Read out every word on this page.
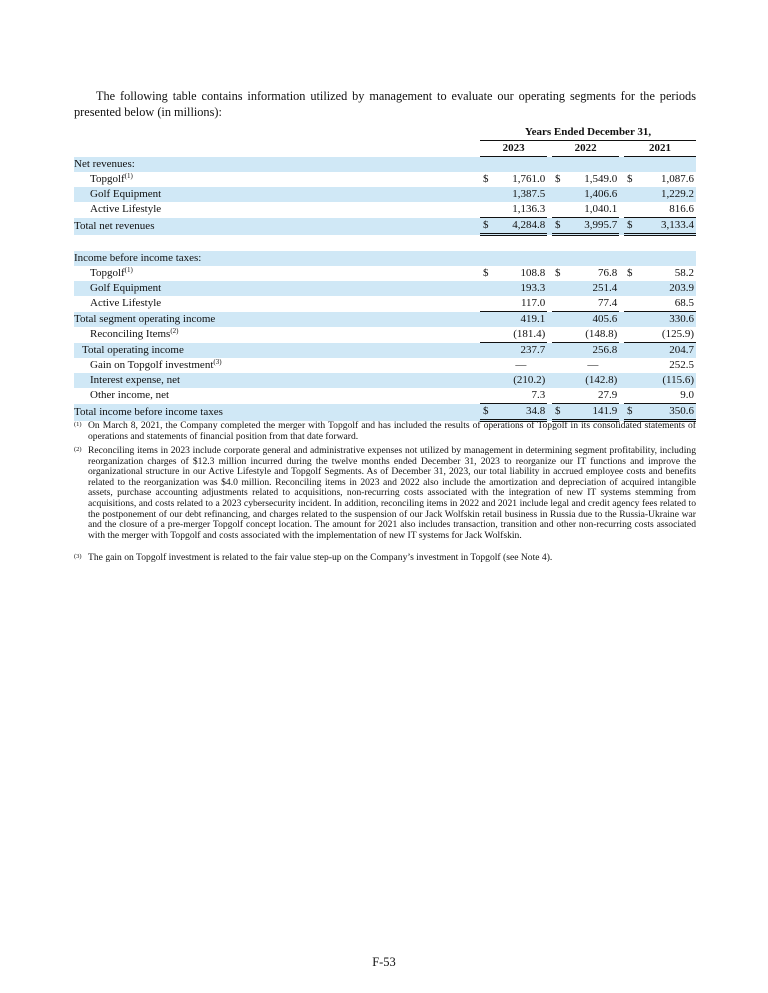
The following table contains information utilized by management to evaluate our operating segments for the periods presented below (in millions):
		Years Ended December 31,							
		2023			2022			2021	
Net revenues:									
Topgolf$^{(1)}$		$	1,761.0		$	1,549.0		$	1,087.6
Golf Equipment			1,387.5			1,406.6			1,229.2
Active Lifestyle			1,136.3			1,040.1			816.6
Total net revenues		$	4,284.8		$	3,995.7		$	3,133.4

Income before income taxes:									
Topgolf$^{(1)}$		$	108.8		$	76.8		$	58.2
Golf Equipment			193.3			251.4			203.9
Active Lifestyle			117.0			77.4			68.5
Total segment operating income			419.1			405.6			330.6
Reconciling Items$^{(2)}$			(181.4)			(148.8)			(125.9)
Total operating income			237.7			256.8			204.7
Gain on Topgolf investment$^{(3)}$			—			—			252.5
Interest expense, net			(210.2)			(142.8)			(115.6)
Other income, net			7.3			27.9			9.0
Total income before income taxes		$	34.8		$	141.9		$	350.6
(1) On March 8, 2021, the Company completed the merger with Topgolf and has included the results of operations of Topgolf in its consolidated statements of operations and statements of financial position from that date forward.
(2) Reconciling items in 2023 include corporate general and administrative expenses not utilized by management in determining segment profitability, including reorganization charges of $12.3 million incurred during the twelve months ended December 31, 2023 to reorganize our IT functions and improve the organizational structure in our Active Lifestyle and Topgolf Segments. As of December 31, 2023, our total liability in accrued employee costs and benefits related to the reorganization was $4.0 million. Reconciling items in 2023 and 2022 also include the amortization and depreciation of acquired intangible assets, purchase accounting adjustments related to acquisitions, non-recurring costs associated with the integration of new IT systems stemming from acquisitions, and costs related to a 2023 cybersecurity incident. In addition, reconciling items in 2022 and 2021 include legal and credit agency fees related to the postponement of our debt refinancing, and charges related to the suspension of our Jack Wolfskin retail business in Russia due to the Russia-Ukraine war and the closure of a pre-merger Topgolf concept location. The amount for 2021 also includes transaction, transition and other non-recurring costs associated with the merger with Topgolf and costs associated with the implementation of new IT systems for Jack Wolfskin.
(3) The gain on Topgolf investment is related to the fair value step-up on the Company’s investment in Topgolf (see Note 4).
F-53
